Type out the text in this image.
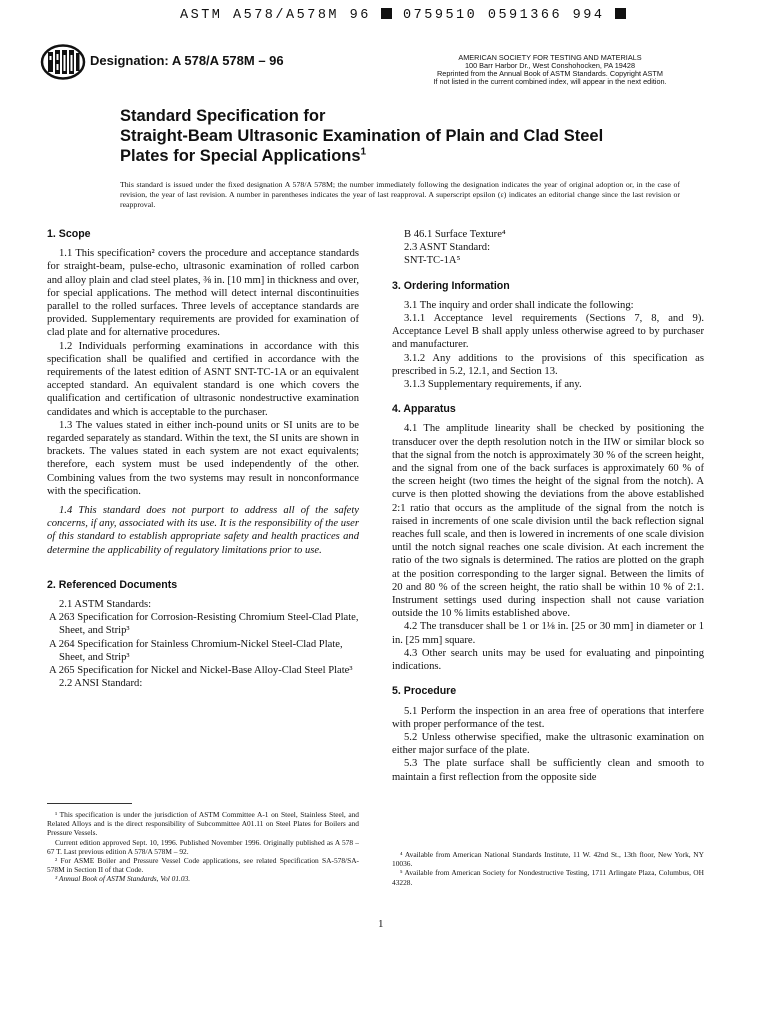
ASTM A578/A578M 96 0759510 0591366 994
Designation: A 578/A 578M – 96	AMERICAN SOCIETY FOR TESTING AND MATERIALS
100 Barr Harbor Dr., West Conshohocken, PA 19428
Reprinted from the Annual Book of ASTM Standards. Copyright ASTM
If not listed in the current combined index, will appear in the next edition.
Standard Specification for
Straight-Beam Ultrasonic Examination of Plain and Clad Steel
Plates for Special Applications$^1$
This standard is issued under the fixed designation A 578/A 578M; the number immediately following the designation indicates the year of original adoption or, in the case of revision, the year of last revision. A number in parentheses indicates the year of last reapproval. A superscript epsilon (ε) indicates an editorial change since the last revision or reapproval.
1. Scope

1.1 This specification² covers the procedure and acceptance standards for straight-beam, pulse-echo, ultrasonic examination of rolled carbon and alloy plain and clad steel plates, ⅜ in. [10 mm] in thickness and over, for special applications. The method will detect internal discontinuities parallel to the rolled surfaces. Three levels of acceptance standards are provided. Supplementary requirements are provided for examination of clad plate and for alternative procedures.

1.2 Individuals performing examinations in accordance with this specification shall be qualified and certified in accordance with the requirements of the latest edition of ASNT SNT-TC-1A or an equivalent accepted standard. An equivalent standard is one which covers the qualification and certification of ultrasonic nondestructive examination candidates and which is acceptable to the purchaser.

1.3 The values stated in either inch-pound units or SI units are to be regarded separately as standard. Within the text, the SI units are shown in brackets. The values stated in each system are not exact equivalents; therefore, each system must be used independently of the other. Combining values from the two systems may result in nonconformance with the specification.

1.4 This standard does not purport to address all of the safety concerns, if any, associated with its use. It is the responsibility of the user of this standard to establish appropriate safety and health practices and determine the applicability of regulatory limitations prior to use.

2. Referenced Documents

2.1 ASTM Standards:

A 263 Specification for Corrosion-Resisting Chromium Steel-Clad Plate, Sheet, and Strip³

A 264 Specification for Stainless Chromium-Nickel Steel-Clad Plate, Sheet, and Strip³

A 265 Specification for Nickel and Nickel-Base Alloy-Clad Steel Plate³

2.2 ANSI Standard:

B 46.1 Surface Texture⁴

2.3 ASNT Standard:

SNT-TC-1A⁵

3. Ordering Information

3.1 The inquiry and order shall indicate the following:

3.1.1 Acceptance level requirements (Sections 7, 8, and 9). Acceptance Level B shall apply unless otherwise agreed to by purchaser and manufacturer.

3.1.2 Any additions to the provisions of this specification as prescribed in 5.2, 12.1, and Section 13.

3.1.3 Supplementary requirements, if any.

4. Apparatus

4.1 The amplitude linearity shall be checked by positioning the transducer over the depth resolution notch in the IIW or similar block so that the signal from the notch is approximately 30 % of the screen height, and the signal from one of the back surfaces is approximately 60 % of the screen height (two times the height of the signal from the notch). A curve is then plotted showing the deviations from the above established 2:1 ratio that occurs as the amplitude of the signal from the notch is raised in increments of one scale division until the back reflection signal reaches full scale, and then is lowered in increments of one scale division until the notch signal reaches one scale division. At each increment the ratio of the two signals is determined. The ratios are plotted on the graph at the position corresponding to the larger signal. Between the limits of 20 and 80 % of the screen height, the ratio shall be within 10 % of 2:1. Instrument settings used during inspection shall not cause variation outside the 10 % limits established above.

4.2 The transducer shall be 1 or 1⅛ in. [25 or 30 mm] in diameter or 1 in. [25 mm] square.

4.3 Other search units may be used for evaluating and pinpointing indications.

5. Procedure

5.1 Perform the inspection in an area free of operations that interfere with proper performance of the test.

5.2 Unless otherwise specified, make the ultrasonic examination on either major surface of the plate.

5.3 The plate surface shall be sufficiently clean and smooth to maintain a first reflection from the opposite side

¹ This specification is under the jurisdiction of ASTM Committee A-1 on Steel, Stainless Steel, and Related Alloys and is the direct responsibility of Subcommittee A01.11 on Steel Plates for Boilers and Pressure Vessels.

Current edition approved Sept. 10, 1996. Published November 1996. Originally published as A 578 – 67 T. Last previous edition A 578/A 578M – 92.

² For ASME Boiler and Pressure Vessel Code applications, see related Specification SA-578/SA-578M in Section II of that Code.

³ Annual Book of ASTM Standards, Vol 01.03.

⁴ Available from American National Standards Institute, 11 W. 42nd St., 13th floor, New York, NY 10036.

⁵ Available from American Society for Nondestructive Testing, 1711 Arlingate Plaza, Columbus, OH 43228.

1
